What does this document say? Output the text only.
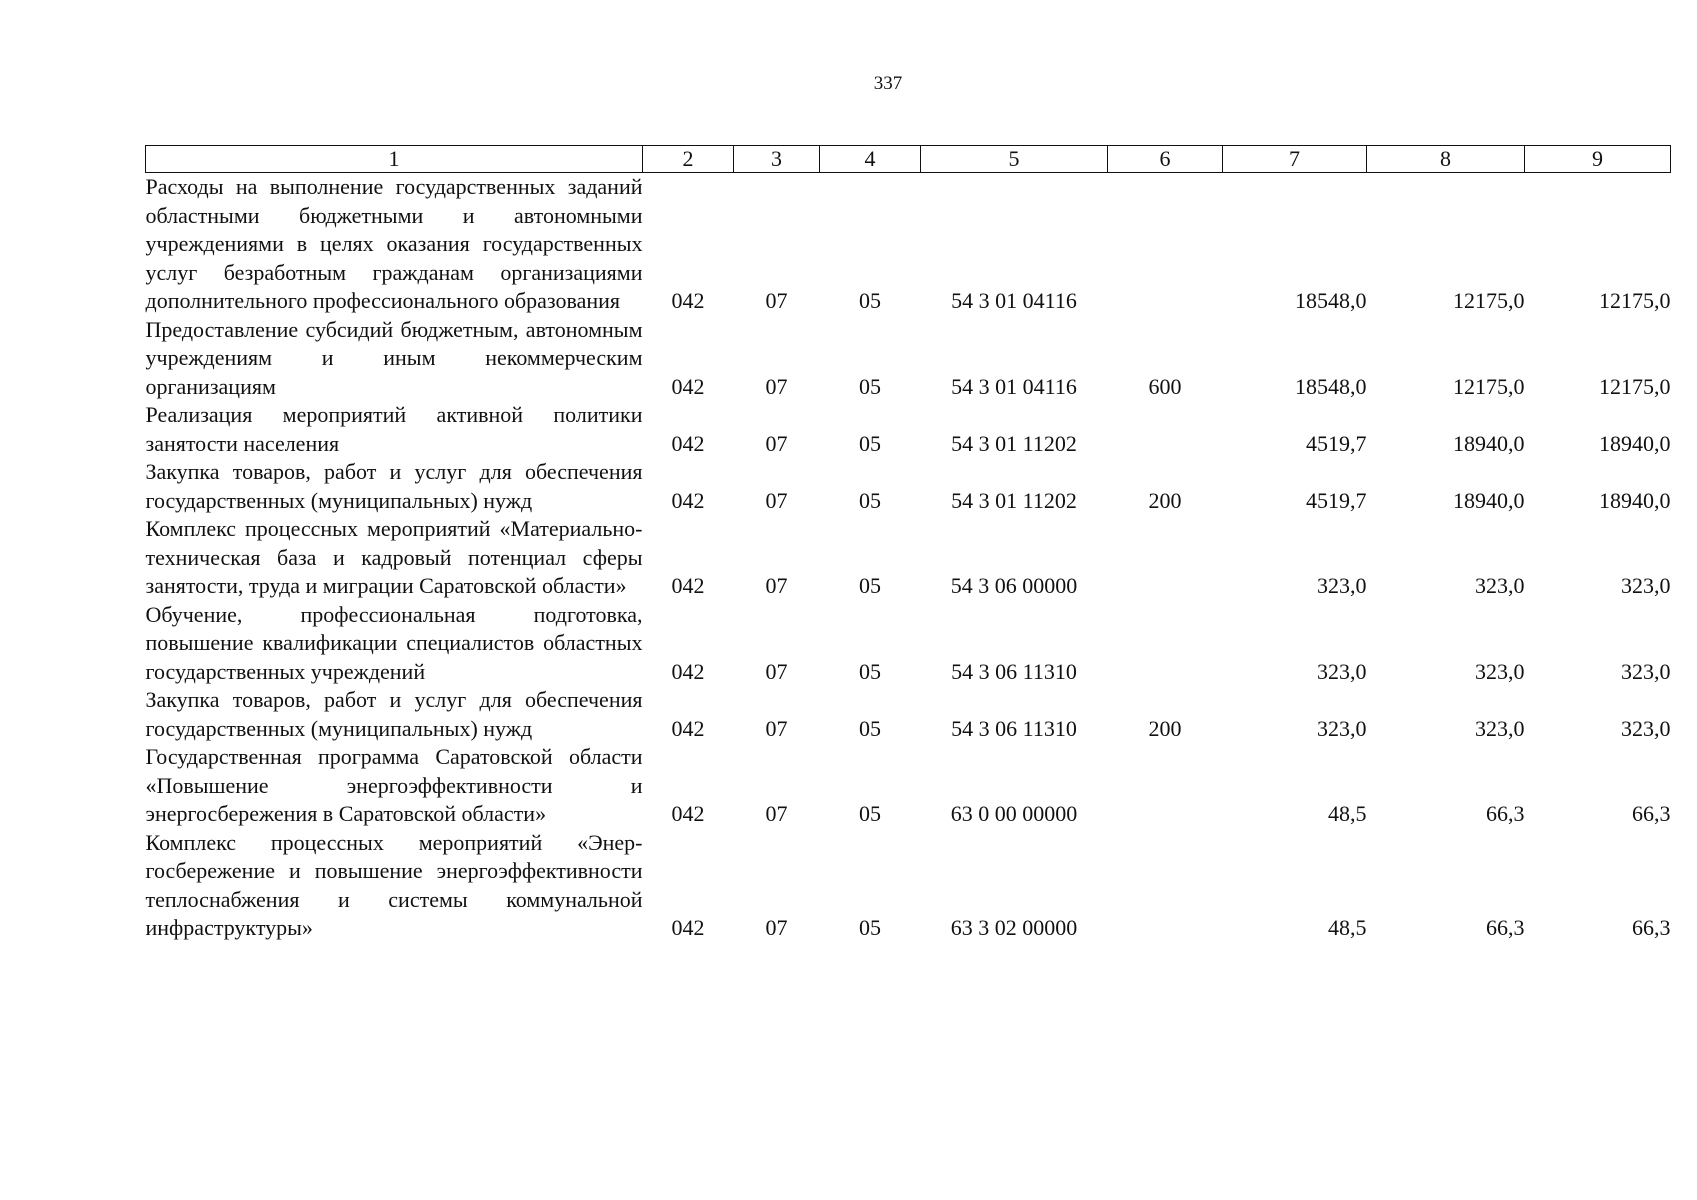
337
1	2	3	4	5	6	7	8	9
Расходы на выполнение государственных заданий областными бюджетными и автономными учреждениями в целях оказания государственных услуг безработным гражданам организациями дополнительного профессионального образования	042	07	05	54 3 01 04116		18548,0	12175,0	12175,0
Предоставление субсидий бюджетным, автономным учреждениям и иным некоммерческим организациям	042	07	05	54 3 01 04116	600	18548,0	12175,0	12175,0
Реализация мероприятий активной политики занятости населения	042	07	05	54 3 01 11202		4519,7	18940,0	18940,0
Закупка товаров, работ и услуг для обеспечения государственных (муниципальных) нужд	042	07	05	54 3 01 11202	200	4519,7	18940,0	18940,0
Комплекс процессных мероприятий «Материально-техническая база и кадровый потенциал сферы занятости, труда и миграции Саратовской области»	042	07	05	54 3 06 00000		323,0	323,0	323,0
Обучение, профессиональная подготовка, повышение квалификации специалистов областных государственных учреждений	042	07	05	54 3 06 11310		323,0	323,0	323,0
Закупка товаров, работ и услуг для обеспечения государственных (муниципальных) нужд	042	07	05	54 3 06 11310	200	323,0	323,0	323,0
Государственная программа Саратовской области «Повышение энергоэффективности и энергосбережения в Саратовской области»	042	07	05	63 0 00 00000		48,5	66,3	66,3
Комплекс процессных мероприятий «Энергосбережение и повышение энергоэффективности теплоснабжения и системы коммунальной инфраструктуры»	042	07	05	63 3 02 00000		48,5	66,3	66,3
